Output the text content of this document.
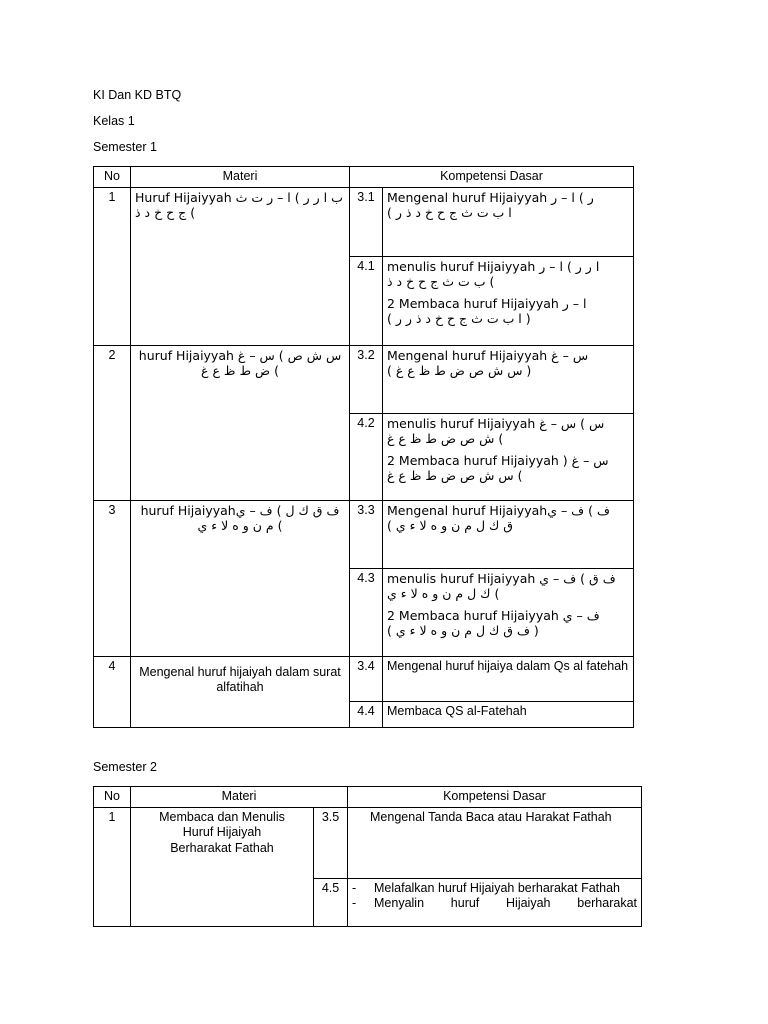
KI Dan KD BTQ
Kelas 1
Semester 1
No	Materi	Kompetensi Dasar	
1	Huruf Hijaiyyah ب ا ر ر ) ا – ر ت ث ج ح خ د ذ (	3.1	Mengenal huruf Hijaiyyah ر ) ا – ر
( ا ب ت ث ج ح خ د ذ ر

		4.1	menulis huruf Hijaiyyah ا ر ر ) ا – ر
ب ت ث ج ح خ د ذ (
2 Membaca huruf Hijaiyyah ا – ر
( ا ب ت ث ج ح خ د ذ ر ر )

2	huruf Hijaiyyah س ش ص ) س – غ ض ط ظ ع غ (	3.2	Mengenal huruf Hijaiyyah س – غ
( س ش ص ض ط ظ ع غ )

		4.2	menulis huruf Hijaiyyah س ) س – غ
ش ص ض ط ظ ع غ (
2 Membaca huruf Hijaiyyah ) س – غ
س ش ص ض ط ظ ع غ (

3	huruf Hijaiyyahف ق ك ل ) ف – ي م ن و ه لا ء ي (	3.3	Mengenal huruf Hijaiyyahف ) ف – ي
( ق ك ل م ن و ه لا ء ي

		4.3	menulis huruf Hijaiyyah ف ق ) ف – ي
ك ل م ن و ه لا ء ي (
2 Membaca huruf Hijaiyyah ف – ي
( ف ق ك ل م ن و ه لا ء ي )

4	Mengenal huruf hijaiyah dalam surat alfatihah	3.4	Mengenal huruf hijaiya dalam Qs al fatehah
		4.4	Membaca QS al-Fatehah
Semester 2
No	Materi		Kompetensi Dasar
1	Membaca dan Menulis
Huruf Hijaiyah
Berharakat Fathah	3.5	Mengenal Tanda Baca atau Harakat Fathah
		4.5	- Melafalkan huruf Hijaiyah berharakat Fathah
- Menyalin huruf Hijaiyah berharakat
